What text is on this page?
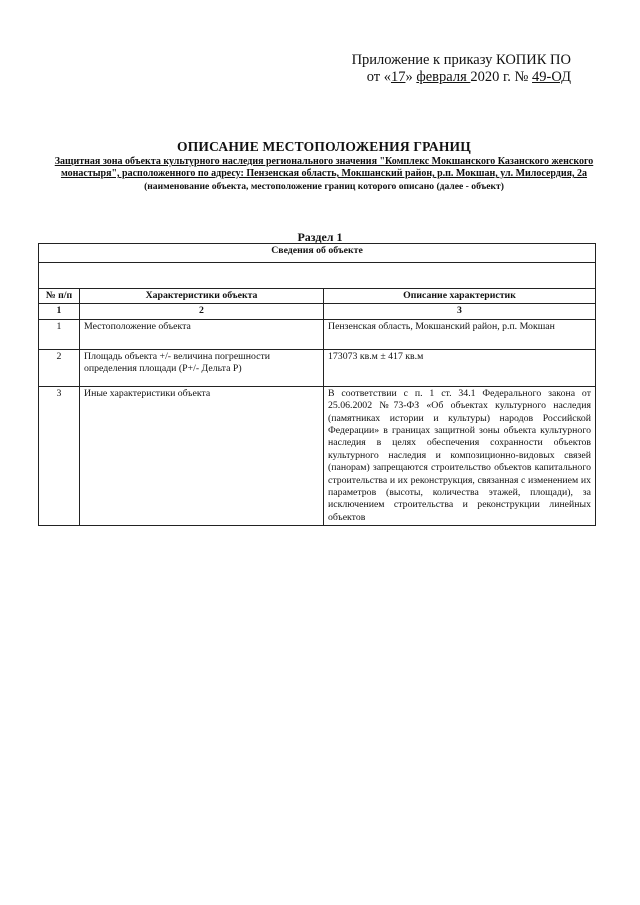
Приложение к приказу КОПИК ПО
от «17» февраля 2020 г. № 49-ОД
ОПИСАНИЕ МЕСТОПОЛОЖЕНИЯ ГРАНИЦ
Защитная зона объекта культурного наследия регионального значения "Комплекс Мокшанского Казанского женского монастыря", расположенного по адресу: Пензенская область, Мокшанский район, р.п. Мокшан, ул. Милосердия, 2а
(наименование объекта, местоположение границ которого описано (далее - объект)
Раздел 1
Сведения об объекте		

№ п/п	Характеристики объекта	Описание характеристик
1	2	3
1	Местоположение объекта	Пензенская область, Мокшанский район, р.п. Мокшан
2	Площадь объекта +/- величина погрешности определения площади (Р+/- Дельта Р)	173073 кв.м ± 417 кв.м
3	Иные характеристики объекта	В соответствии с п. 1 ст. 34.1 Федерального закона от 25.06.2002 №73-ФЗ «Об объектах культурного наследия (памятниках истории и культуры) народов Российской Федерации» в границах защитной зоны объекта культурного наследия в целях обеспечения сохранности объектов культурного наследия и композиционно-видовых связей (панорам) запрещаются строительство объектов капитального строительства и их реконструкция, связанная с изменением их параметров (высоты, количества этажей, площади), за исключением строительства и реконструкции линейных объектов
